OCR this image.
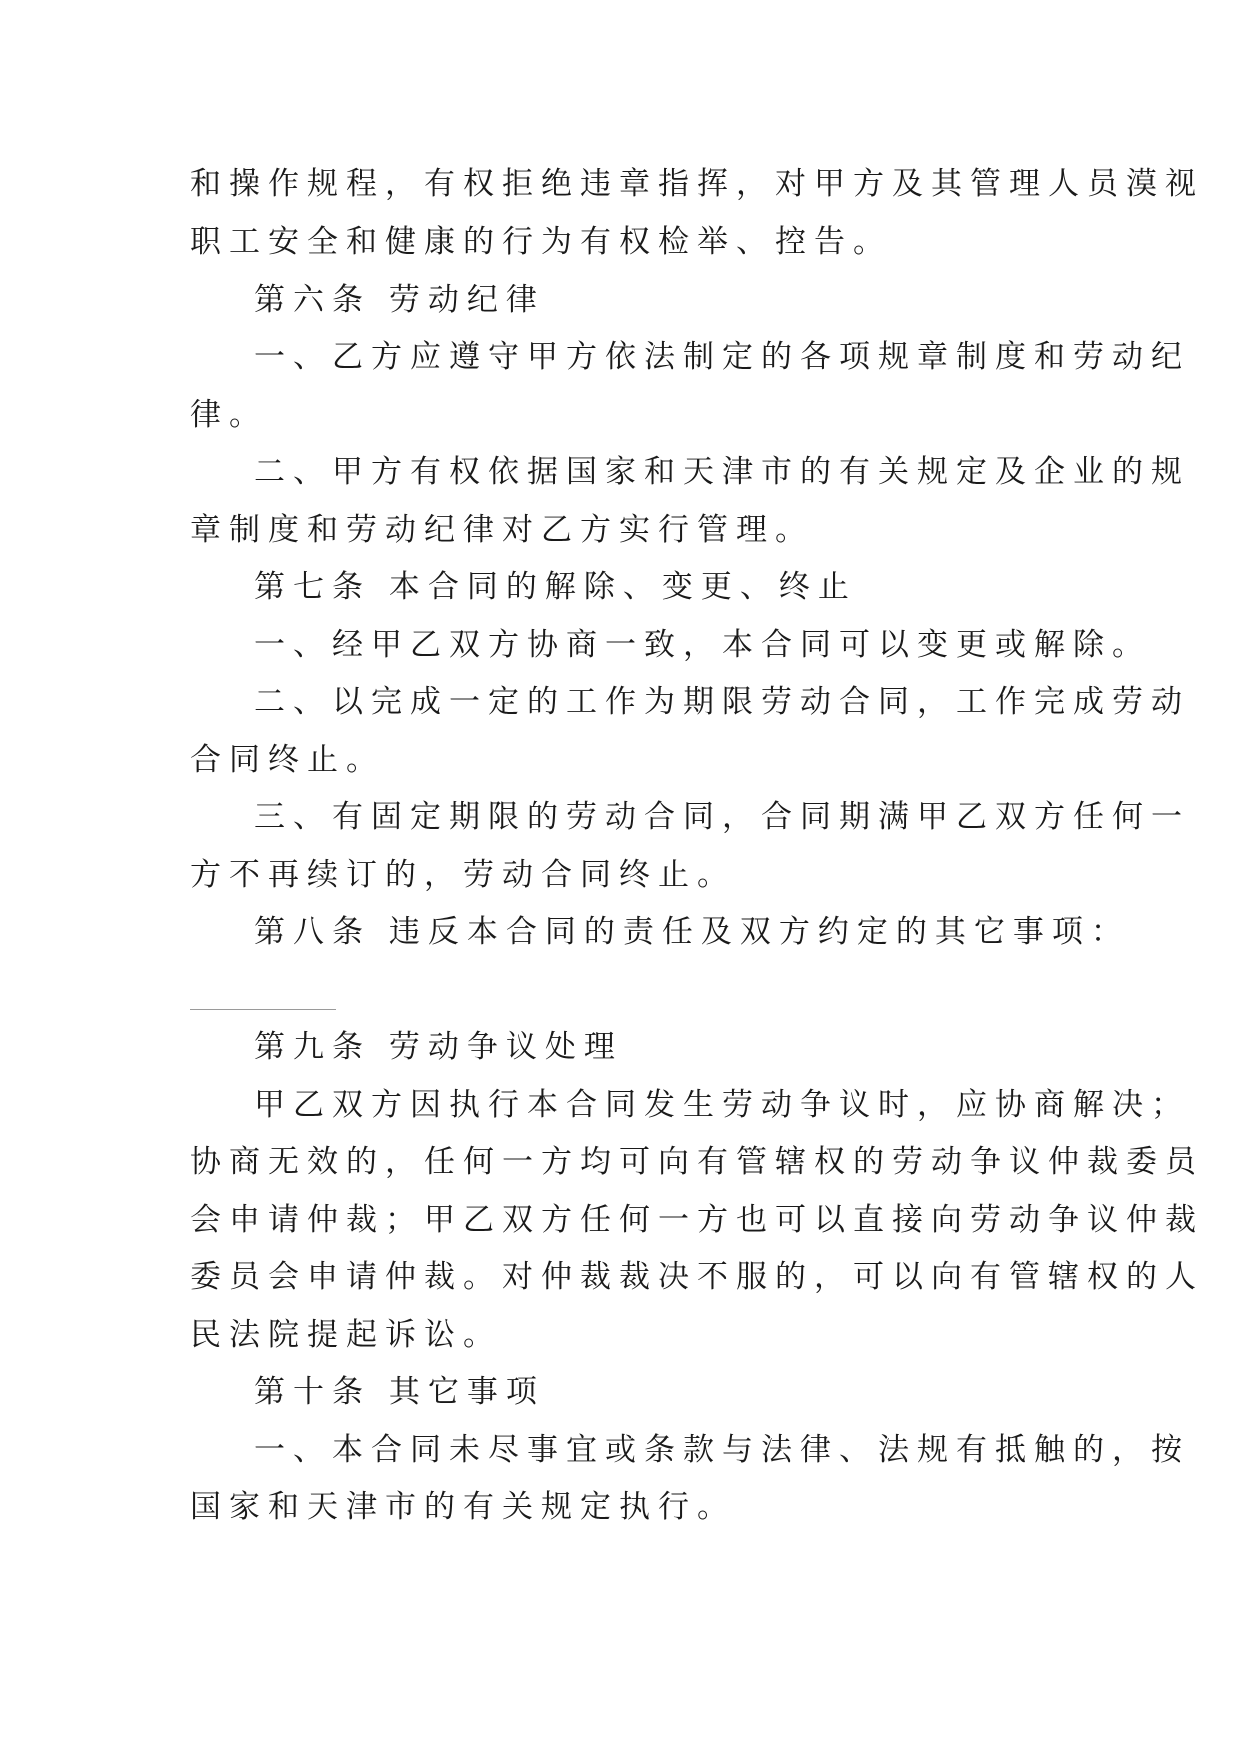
和操作规程，有权拒绝违章指挥，对甲方及其管理人员漠视
职工安全和健康的行为有权检举、控告。
第六条 劳动纪律
一、乙方应遵守甲方依法制定的各项规章制度和劳动纪
律。
二、甲方有权依据国家和天津市的有关规定及企业的规
章制度和劳动纪律对乙方实行管理。
第七条 本合同的解除、变更、终止
一、经甲乙双方协商一致，本合同可以变更或解除。
二、以完成一定的工作为期限劳动合同，工作完成劳动
合同终止。
三、有固定期限的劳动合同，合同期满甲乙双方任何一
方不再续订的，劳动合同终止。
第八条 违反本合同的责任及双方约定的其它事项：
第九条 劳动争议处理
甲乙双方因执行本合同发生劳动争议时，应协商解决；
协商无效的，任何一方均可向有管辖权的劳动争议仲裁委员
会申请仲裁；甲乙双方任何一方也可以直接向劳动争议仲裁
委员会申请仲裁。对仲裁裁决不服的，可以向有管辖权的人
民法院提起诉讼。
第十条 其它事项
一、本合同未尽事宜或条款与法律、法规有抵触的，按
国家和天津市的有关规定执行。
